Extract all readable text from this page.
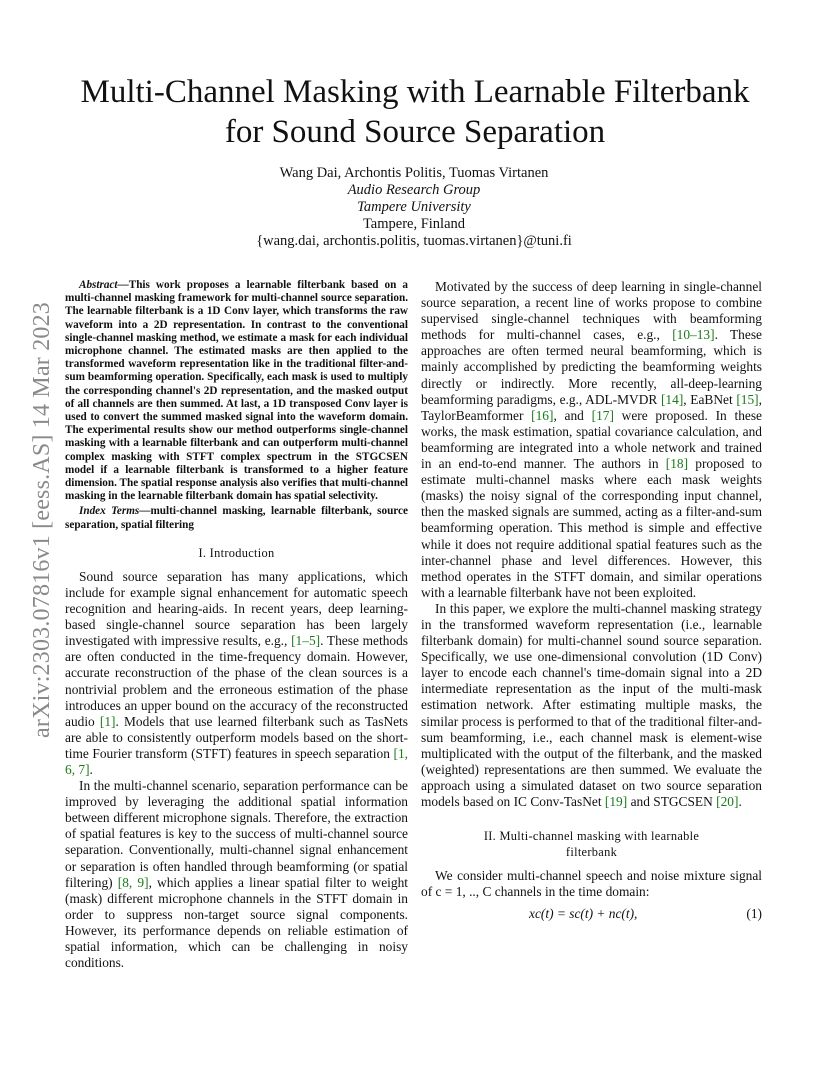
arXiv:2303.07816v1 [eess.AS] 14 Mar 2023
Multi-Channel Masking with Learnable Filterbank
for Sound Source Separation
Wang Dai, Archontis Politis, Tuomas Virtanen
Audio Research Group
Tampere University
Tampere, Finland
{wang.dai, archontis.politis, tuomas.virtanen}@tuni.fi

Abstract—This work proposes a learnable filterbank based on a multi-channel masking framework for multi-channel source separation. The learnable filterbank is a 1D Conv layer, which transforms the raw waveform into a 2D representation. In contrast to the conventional single-channel masking method, we estimate a mask for each individual microphone channel. The estimated masks are then applied to the transformed waveform representation like in the traditional filter-and-sum beamforming operation. Specifically, each mask is used to multiply the corresponding channel's 2D representation, and the masked output of all channels are then summed. At last, a 1D transposed Conv layer is used to convert the summed masked signal into the waveform domain. The experimental results show our method outperforms single-channel masking with a learnable filterbank and can outperform multi-channel complex masking with STFT complex spectrum in the STGCSEN model if a learnable filterbank is transformed to a higher feature dimension. The spatial response analysis also verifies that multi-channel masking in the learnable filterbank domain has spatial selectivity.

Index Terms—multi-channel masking, learnable filterbank, source separation, spatial filtering

I. Introduction

Sound source separation has many applications, which include for example signal enhancement for automatic speech recognition and hearing-aids. In recent years, deep learning-based single-channel source separation has been largely investigated with impressive results, e.g., [1–5]. These methods are often conducted in the time-frequency domain. However, accurate reconstruction of the phase of the clean sources is a nontrivial problem and the erroneous estimation of the phase introduces an upper bound on the accuracy of the reconstructed audio [1]. Models that use learned filterbank such as TasNets are able to consistently outperform models based on the short-time Fourier transform (STFT) features in speech separation [1, 6, 7].

In the multi-channel scenario, separation performance can be improved by leveraging the additional spatial information between different microphone signals. Therefore, the extraction of spatial features is key to the success of multi-channel source separation. Conventionally, multi-channel signal enhancement or separation is often handled through beamforming (or spatial filtering) [8, 9], which applies a linear spatial filter to weight (mask) different microphone channels in the STFT domain in order to suppress non-target source signal components. However, its performance depends on reliable estimation of spatial information, which can be challenging in noisy conditions.

Motivated by the success of deep learning in single-channel source separation, a recent line of works propose to combine supervised single-channel techniques with beamforming methods for multi-channel cases, e.g., [10–13]. These approaches are often termed neural beamforming, which is mainly accomplished by predicting the beamforming weights directly or indirectly. More recently, all-deep-learning beamforming paradigms, e.g., ADL-MVDR [14], EaBNet [15], TaylorBeamformer [16], and [17] were proposed. In these works, the mask estimation, spatial covariance calculation, and beamforming are integrated into a whole network and trained in an end-to-end manner. The authors in [18] proposed to estimate multi-channel masks where each mask weights (masks) the noisy signal of the corresponding input channel, then the masked signals are summed, acting as a filter-and-sum beamforming operation. This method is simple and effective while it does not require additional spatial features such as the inter-channel phase and level differences. However, this method operates in the STFT domain, and similar operations with a learnable filterbank have not been exploited.

In this paper, we explore the multi-channel masking strategy in the transformed waveform representation (i.e., learnable filterbank domain) for multi-channel sound source separation. Specifically, we use one-dimensional convolution (1D Conv) layer to encode each channel's time-domain signal into a 2D intermediate representation as the input of the multi-mask estimation network. After estimating multiple masks, the similar process is performed to that of the traditional filter-and-sum beamforming, i.e., each channel mask is element-wise multiplicated with the output of the filterbank, and the masked (weighted) representations are then summed. We evaluate the approach using a simulated dataset on two source separation models based on IC Conv-TasNet [19] and STGCSEN [20].

II. Multi-channel masking with learnable
filterbank

We consider multi-channel speech and noise mixture signal of c = 1, .., C channels in the time domain:

xc(t) = sc(t) + nc(t),	(1)
